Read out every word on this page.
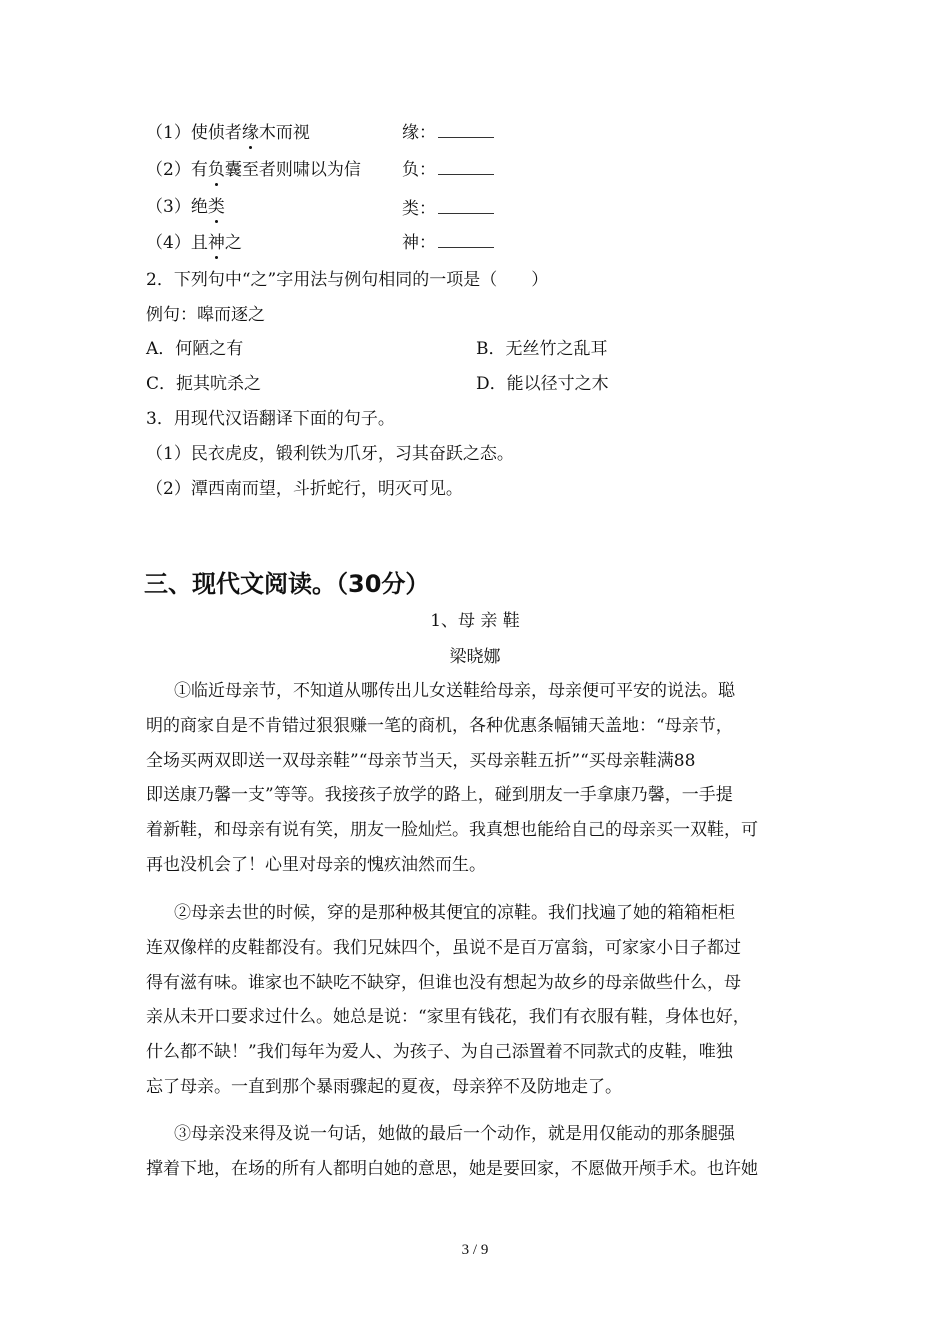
（1）使侦者缘木而视	缘：
（2）有负囊至者则啸以为信 负：
（3）绝类	类：
（4）且神之	神：
2．下列句中“之”字用法与例句相同的一项是（　　）
例句：嗥而逐之
A．何陋之有	B．无丝竹之乱耳
C．扼其吭杀之	D．能以径寸之木
3．用现代汉语翻译下面的句子。
（1）民衣虎皮，锻利铁为爪牙，习其奋跃之态。
（2）潭西南而望，斗折蛇行，明灭可见。
三、现代文阅读。（30分）
1、母 亲 鞋
梁晓娜
①临近母亲节，不知道从哪传出儿女送鞋给母亲，母亲便可平安的说法。聪
明的商家自是不肯错过狠狠赚一笔的商机，各种优惠条幅铺天盖地：“母亲节，
全场买两双即送一双母亲鞋”“母亲节当天，买母亲鞋五折”“买母亲鞋满88
即送康乃馨一支”等等。我接孩子放学的路上，碰到朋友一手拿康乃馨，一手提
着新鞋，和母亲有说有笑，朋友一脸灿烂。我真想也能给自己的母亲买一双鞋，可
再也没机会了！心里对母亲的愧疚油然而生。
②母亲去世的时候，穿的是那种极其便宜的凉鞋。我们找遍了她的箱箱柜柜
连双像样的皮鞋都没有。我们兄妹四个，虽说不是百万富翁，可家家小日子都过
得有滋有味。谁家也不缺吃不缺穿，但谁也没有想起为故乡的母亲做些什么，母
亲从未开口要求过什么。她总是说：“家里有钱花，我们有衣服有鞋，身体也好，
什么都不缺！”我们每年为爱人、为孩子、为自己添置着不同款式的皮鞋，唯独
忘了母亲。一直到那个暴雨骤起的夏夜，母亲猝不及防地走了。
③母亲没来得及说一句话，她做的最后一个动作，就是用仅能动的那条腿强
撑着下地，在场的所有人都明白她的意思，她是要回家，不愿做开颅手术。也许她
3 / 9
